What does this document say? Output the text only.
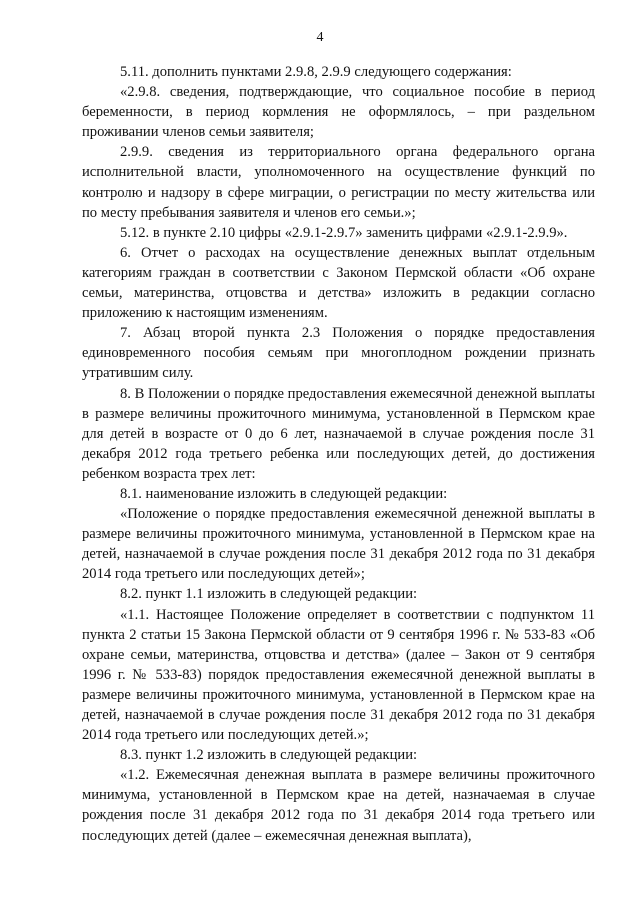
4

5.11. дополнить пунктами 2.9.8, 2.9.9 следующего содержания:

«2.9.8. сведения, подтверждающие, что социальное пособие в период беременности, в период кормления не оформлялось, – при раздельном проживании членов семьи заявителя;

2.9.9. сведения из территориального органа федерального органа исполнительной власти, уполномоченного на осуществление функций по контролю и надзору в сфере миграции, о регистрации по месту жительства или по месту пребывания заявителя и членов его семьи.»;

5.12. в пункте 2.10 цифры «2.9.1-2.9.7» заменить цифрами «2.9.1-2.9.9».

6. Отчет о расходах на осуществление денежных выплат отдельным категориям граждан в соответствии с Законом Пермской области «Об охране семьи, материнства, отцовства и детства» изложить в редакции согласно приложению к настоящим изменениям.

7. Абзац второй пункта 2.3 Положения о порядке предоставления единовременного пособия семьям при многоплодном рождении признать утратившим силу.

8. В Положении о порядке предоставления ежемесячной денежной выплаты в размере величины прожиточного минимума, установленной в Пермском крае для детей в возрасте от 0 до 6 лет, назначаемой в случае рождения после 31 декабря 2012 года третьего ребенка или последующих детей, до достижения ребенком возраста трех лет:

8.1. наименование изложить в следующей редакции:

«Положение о порядке предоставления ежемесячной денежной выплаты в размере величины прожиточного минимума, установленной в Пермском крае на детей, назначаемой в случае рождения после 31 декабря 2012 года по 31 декабря 2014 года третьего или последующих детей»;

8.2. пункт 1.1 изложить в следующей редакции:

«1.1. Настоящее Положение определяет в соответствии с подпунктом 11 пункта 2 статьи 15 Закона Пермской области от 9 сентября 1996 г. № 533-83 «Об охране семьи, материнства, отцовства и детства» (далее – Закон от 9 сентября 1996 г. № 533-83) порядок предоставления ежемесячной денежной выплаты в размере величины прожиточного минимума, установленной в Пермском крае на детей, назначаемой в случае рождения после 31 декабря 2012 года по 31 декабря 2014 года третьего или последующих детей.»;

8.3. пункт 1.2 изложить в следующей редакции:

«1.2. Ежемесячная денежная выплата в размере величины прожиточного минимума, установленной в Пермском крае на детей, назначаемая в случае рождения после 31 декабря 2012 года по 31 декабря 2014 года третьего или последующих детей (далее – ежемесячная денежная выплата),
